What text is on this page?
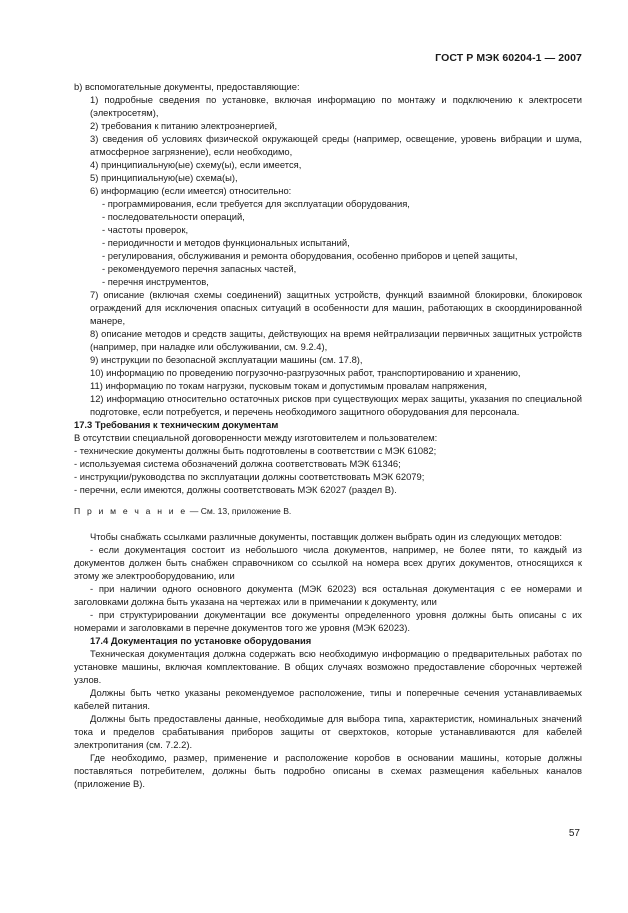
ГОСТ Р МЭК 60204-1 — 2007

b) вспомогательные документы, предоставляющие:

1) подробные сведения по установке, включая информацию по монтажу и подключению к электросети (электросетям),

2) требования к питанию электроэнергией,

3) сведения об условиях физической окружающей среды (например, освещение, уровень вибрации и шума, атмосферное загрязнение), если необходимо,

4) принципиальную(ые) схему(ы), если имеется,

5) принципиальную(ые) схема(ы),

6) информацию (если имеется) относительно:

- программирования, если требуется для эксплуатации оборудования,

- последовательности операций,

- частоты проверок,

- периодичности и методов функциональных испытаний,

- регулирования, обслуживания и ремонта оборудования, особенно приборов и цепей защиты,

- рекомендуемого перечня запасных частей,

- перечня инструментов,

7) описание (включая схемы соединений) защитных устройств, функций взаимной блокировки, блокировок ограждений для исключения опасных ситуаций в особенности для машин, работающих в скоординированной манере,

8) описание методов и средств защиты, действующих на время нейтрализации первичных защитных устройств (например, при наладке или обслуживании, см. 9.2.4),

9) инструкции по безопасной эксплуатации машины (см. 17.8),

10) информацию по проведению погрузочно-разгрузочных работ, транспортированию и хранению,

11) информацию по токам нагрузки, пусковым токам и допустимым провалам напряжения,

12) информацию относительно остаточных рисков при существующих мерах защиты, указания по специальной подготовке, если потребуется, и перечень необходимого защитного оборудования для персонала.

17.3 Требования к техническим документам

В отсутствии специальной договоренности между изготовителем и пользователем:

- технические документы должны быть подготовлены в соответствии с МЭК 61082;

- используемая система обозначений должна соответствовать МЭК 61346;

- инструкции/руководства по эксплуатации должны соответствовать МЭК 62079;

- перечни, если имеются, должны соответствовать МЭК 62027 (раздел В).

П р и м е ч а н и е — См. 13, приложение В.

Чтобы снабжать ссылками различные документы, поставщик должен выбрать один из следующих методов:

- если документация состоит из небольшого числа документов, например, не более пяти, то каждый из документов должен быть снабжен справочником со ссылкой на номера всех других документов, относящихся к этому же электрооборудованию, или

- при наличии одного основного документа (МЭК 62023) вся остальная документация с ее номерами и заголовками должна быть указана на чертежах или в примечании к документу, или

- при структурировании документации все документы определенного уровня должны быть описаны с их номерами и заголовками в перечне документов того же уровня (МЭК 62023).

17.4 Документация по установке оборудования

Техническая документация должна содержать всю необходимую информацию о предварительных работах по установке машины, включая комплектование. В общих случаях возможно предоставление сборочных чертежей узлов.

Должны быть четко указаны рекомендуемое расположение, типы и поперечные сечения устанавливаемых кабелей питания.

Должны быть предоставлены данные, необходимые для выбора типа, характеристик, номинальных значений тока и пределов срабатывания приборов защиты от сверхтоков, которые устанавливаются для кабелей электропитания (см. 7.2.2).

Где необходимо, размер, применение и расположение коробов в основании машины, которые должны поставляться потребителем, должны быть подробно описаны в схемах размещения кабельных каналов (приложение В).

57
